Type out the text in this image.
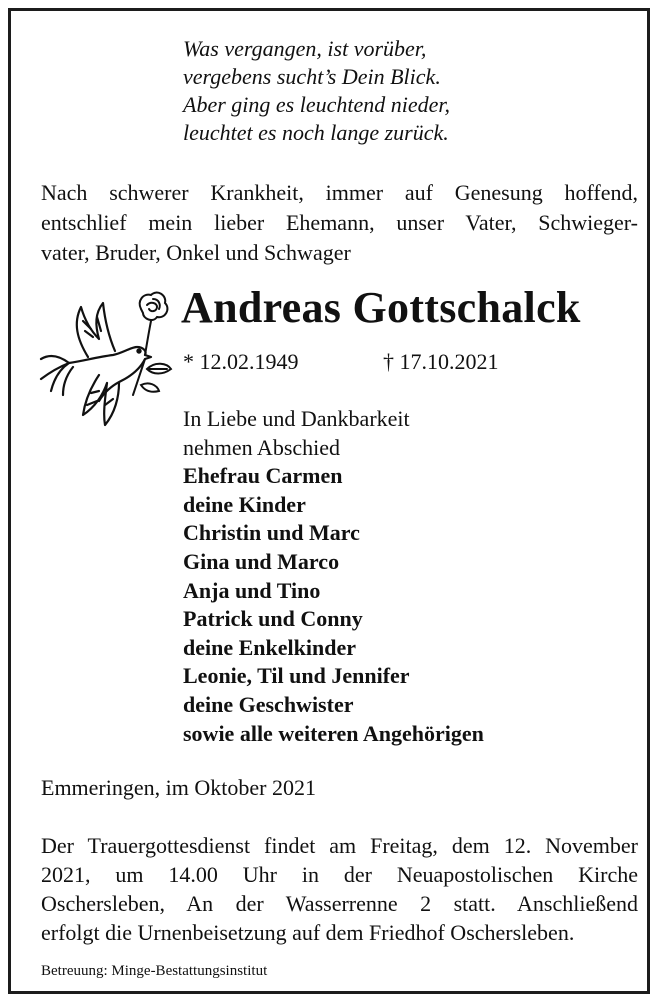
Was vergangen, ist vorüber,
vergebens sucht’s Dein Blick.
Aber ging es leuchtend nieder,
leuchtet es noch lange zurück.
Nach schwerer Krankheit, immer auf Genesung hoffend,
entschlief mein lieber Ehemann, unser Vater, Schwieger-
vater, Bruder, Onkel und Schwager
Andreas Gottschalck
* 12.02.1949	† 17.10.2021
In Liebe und Dankbarkeit
nehmen Abschied
Ehefrau Carmen
deine Kinder
Christin und Marc
Gina und Marco
Anja und Tino
Patrick und Conny
deine Enkelkinder
Leonie, Til und Jennifer
deine Geschwister
sowie alle weiteren Angehörigen
Emmeringen, im Oktober 2021
Der Trauergottesdienst findet am Freitag, dem 12. November
2021, um 14.00 Uhr in der Neuapostolischen Kirche
Oschersleben, An der Wasserrenne 2 statt. Anschließend
erfolgt die Urnenbeisetzung auf dem Friedhof Oschersleben.
Betreuung: Minge-Bestattungsinstitut
